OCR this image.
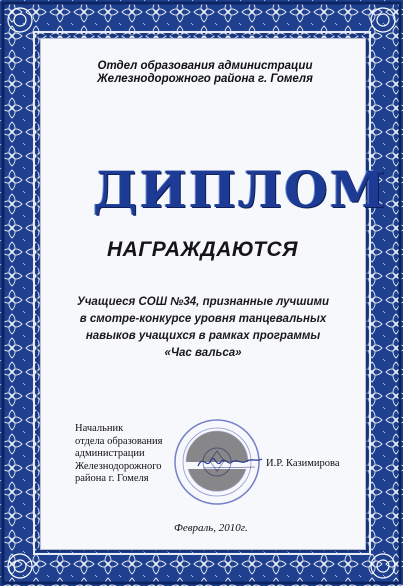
Отдел образования администрации
Железнодорожного района г. Гомеля
ДИПЛОМ
НАГРАЖДАЮТСЯ
Учащиеся СОШ №34, признанные лучшими
в смотре-конкурсе уровня танцевальных
навыков учащихся в рамках программы
«Час вальса»
Начальник
отдела образования
администрации
Железнодорожного
района г. Гомеля
И.Р. Казимирова
Февраль, 2010г.
